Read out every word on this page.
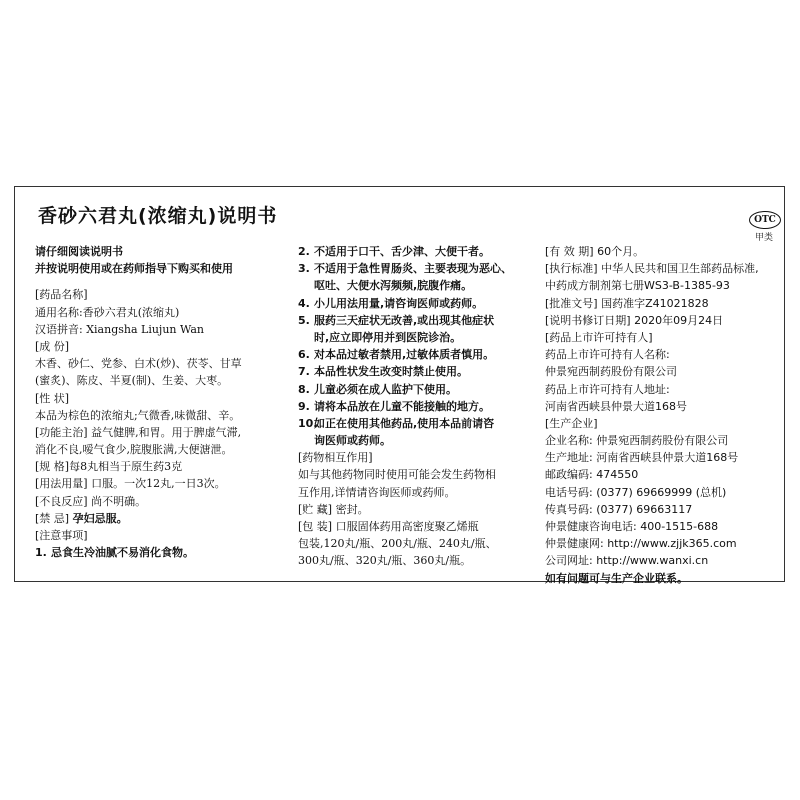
香砂六君丸(浓缩丸)说明书	OTC
甲类
请仔细阅读说明书
并按说明使用或在药师指导下购买和使用
[药品名称]
通用名称:香砂六君丸(浓缩丸)
汉语拼音: Xiangsha Liujun Wan
[成 份]
木香、砂仁、党参、白术(炒)、茯苓、甘草
(蜜炙)、陈皮、半夏(制)、生姜、大枣。
[性 状]
本品为棕色的浓缩丸;气微香,味微甜、辛。
[功能主治] 益气健脾,和胃。用于脾虚气滞,
消化不良,嗳气食少,脘腹胀满,大便溏泄。
[规 格]每8丸相当于原生药3克
[用法用量] 口服。一次12丸,一日3次。
[不良反应] 尚不明确。
[禁 忌] 孕妇忌服。
[注意事项]
1. 忌食生冷油腻不易消化食物。
2. 不适用于口干、舌少津、大便干者。
3. 不适用于急性胃肠炎、主要表现为恶心、
呕吐、大便水泻频频,脘腹作痛。
4. 小儿用法用量,请咨询医师或药师。
5. 服药三天症状无改善,或出现其他症状
时,应立即停用并到医院诊治。
6. 对本品过敏者禁用,过敏体质者慎用。
7. 本品性状发生改变时禁止使用。
8. 儿童必须在成人监护下使用。
9. 请将本品放在儿童不能接触的地方。
10.
如正在使用其他药品,使用本品前请咨
询医师或药师。
[药物相互作用]
如与其他药物同时使用可能会发生药物相
互作用,详情请咨询医师或药师。
[贮 藏] 密封。
[包 装] 口服固体药用高密度聚乙烯瓶
包装,120丸/瓶、200丸/瓶、240丸/瓶、
300丸/瓶、320丸/瓶、360丸/瓶。
[有 效 期] 60个月。
[执行标准] 中华人民共和国卫生部药品标准,
中药成方制剂第七册WS3-B-1385-93
[批准文号] 国药准字Z41021828
[说明书修订日期] 2020年09月24日
[药品上市许可持有人]
药品上市许可持有人名称:
仲景宛西制药股份有限公司
药品上市许可持有人地址:
河南省西峡县仲景大道168号
[生产企业]
企业名称: 仲景宛西制药股份有限公司
生产地址: 河南省西峡县仲景大道168号
邮政编码: 474550
电话号码: (0377) 69669999 (总机)
传真号码: (0377) 69663117
仲景健康咨询电话: 400-1515-688
仲景健康网: http://www.zjjk365.com
公司网址: http://www.wanxi.cn
如有问题可与生产企业联系。
